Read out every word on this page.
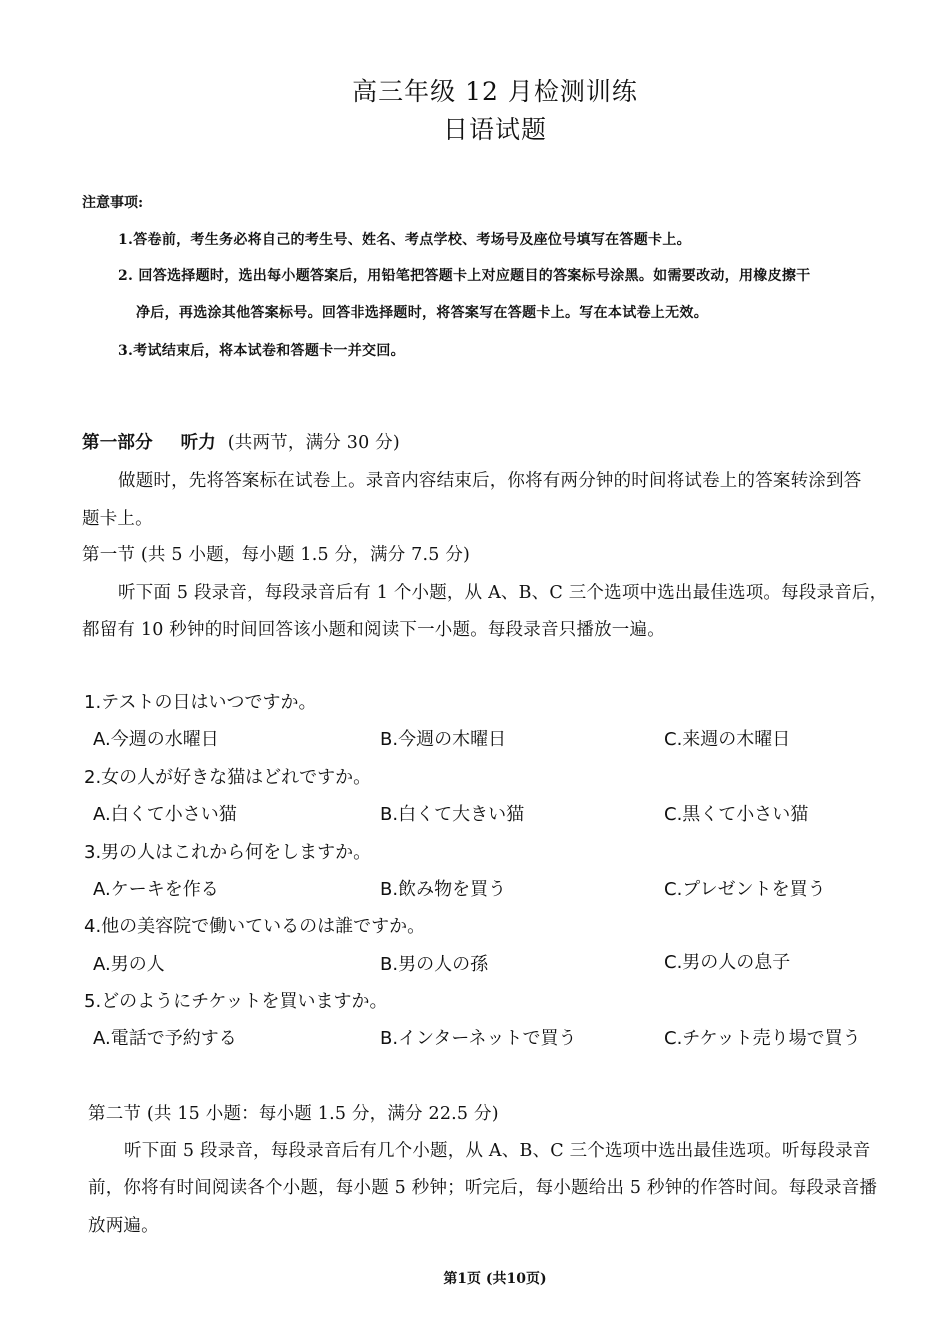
高三年级 12 月检测训练
日语试题
注意事项:
1.答卷前，考生务必将自己的考生号、姓名、考点学校、考场号及座位号填写在答题卡上。
2. 回答选择题时，选出每小题答案后，用铅笔把答题卡上对应题目的答案标号涂黑。如需要改动，用橡皮擦干
净后，再选涂其他答案标号。回答非选择题时，将答案写在答题卡上。写在本试卷上无效。
3.考试结束后，将本试卷和答题卡一并交回。
第一部分 听力 (共两节，满分 30 分)
做题时，先将答案标在试卷上。录音内容结束后，你将有两分钟的时间将试卷上的答案转涂到答
题卡上。
第一节 (共 5 小题，每小题 1.5 分，满分 7.5 分)
听下面 5 段录音，每段录音后有 1 个小题，从 A、B、C 三个选项中选出最佳选项。每段录音后，
都留有 10 秒钟的时间回答该小题和阅读下一小题。每段录音只播放一遍。
1.テストの日はいつですか。
A.今週の水曜日	B.今週の木曜日	C.来週の木曜日
2.女の人が好きな猫はどれですか。
A.白くて小さい猫	B.白くて大きい猫	C.黒くて小さい猫
3.男の人はこれから何をしますか。
A.ケーキを作る	B.飲み物を買う	C.プレゼントを買う
4.他の美容院で働いているのは誰ですか。
A.男の人	B.男の人の孫	C.男の人の息子
5.どのようにチケットを買いますか。
A.電話で予約する	B.インターネットで買う	C.チケット売り場で買う
第二节 (共 15 小题：每小题 1.5 分，满分 22.5 分)
听下面 5 段录音，每段录音后有几个小题，从 A、B、C 三个选项中选出最佳选项。听每段录音
前，你将有时间阅读各个小题，每小题 5 秒钟；听完后，每小题给出 5 秒钟的作答时间。每段录音播
放两遍。
第1页 (共10页)
